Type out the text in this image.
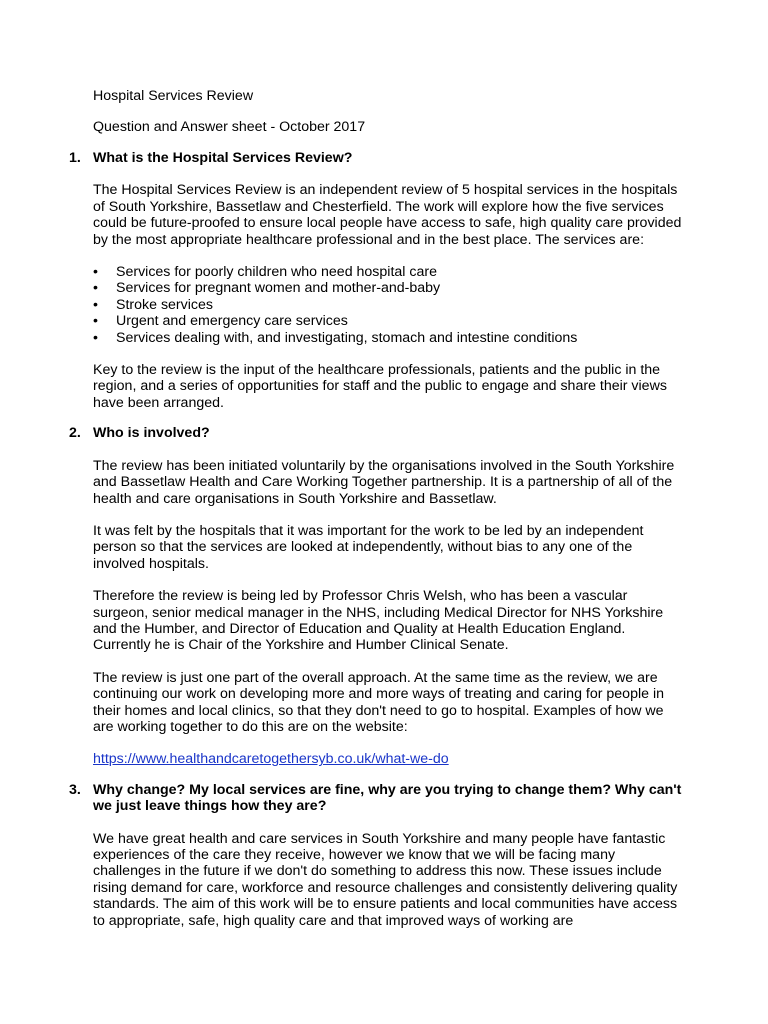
Hospital Services Review
Question and Answer sheet - October 2017
1. What is the Hospital Services Review?

The Hospital Services Review is an independent review of 5 hospital services in the hospitals of South Yorkshire, Bassetlaw and Chesterfield. The work will explore how the five services could be future-proofed to ensure local people have access to safe, high quality care provided by the most appropriate healthcare professional and in the best place. The services are:

• Services for poorly children who need hospital care
• Services for pregnant women and mother-and-baby
• Stroke services
• Urgent and emergency care services
• Services dealing with, and investigating, stomach and intestine conditions

Key to the review is the input of the healthcare professionals, patients and the public in the region, and a series of opportunities for staff and the public to engage and share their views have been arranged.

2. Who is involved?

The review has been initiated voluntarily by the organisations involved in the South Yorkshire and Bassetlaw Health and Care Working Together partnership. It is a partnership of all of the health and care organisations in South Yorkshire and Bassetlaw.

It was felt by the hospitals that it was important for the work to be led by an independent person so that the services are looked at independently, without bias to any one of the involved hospitals.

Therefore the review is being led by Professor Chris Welsh, who has been a vascular surgeon, senior medical manager in the NHS, including Medical Director for NHS Yorkshire and the Humber, and Director of Education and Quality at Health Education England. Currently he is Chair of the Yorkshire and Humber Clinical Senate.

The review is just one part of the overall approach. At the same time as the review, we are continuing our work on developing more and more ways of treating and caring for people in their homes and local clinics, so that they don't need to go to hospital. Examples of how we are working together to do this are on the website:

https://www.healthandcaretogethersyb.co.uk/what-we-do

3. Why change? My local services are fine, why are you trying to change them? Why can't we just leave things how they are?

We have great health and care services in South Yorkshire and many people have fantastic experiences of the care they receive, however we know that we will be facing many challenges in the future if we don't do something to address this now. These issues include rising demand for care, workforce and resource challenges and consistently delivering quality standards. The aim of this work will be to ensure patients and local communities have access to appropriate, safe, high quality care and that improved ways of working are
